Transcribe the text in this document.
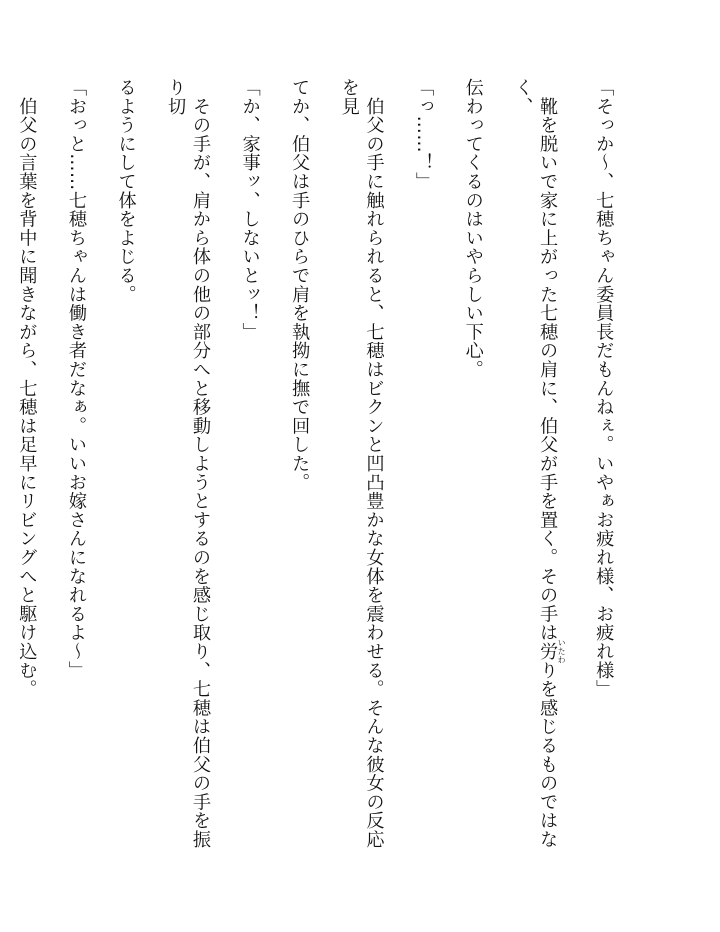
「そっか〜、七穂ちゃん委員長だもんねぇ。いやぁお疲れ様、お疲れ様」

　靴を脱いで家に上がった七穂の肩に、伯父が手を置く。その手は労 いたわりを感じるものではなく、

伝わってくるのはいやらしい下心。

「っ……！」

　伯父の手に触れられると、七穂はビクンと凹凸豊かな女体を震わせる。そんな彼女の反応を見

てか、伯父は手のひらで肩を執拗に撫で回した。

「か、家事ッ、しないとッ！」

　その手が、肩から体の他の部分へと移動しようとするのを感じ取り、七穂は伯父の手を振り切

るようにして体をよじる。

「おっと……七穂ちゃんは働き者だなぁ。いいお嫁さんになれるよ〜」

　伯父の言葉を背中に聞きながら、七穂は足早にリビングへと駆け込む。
